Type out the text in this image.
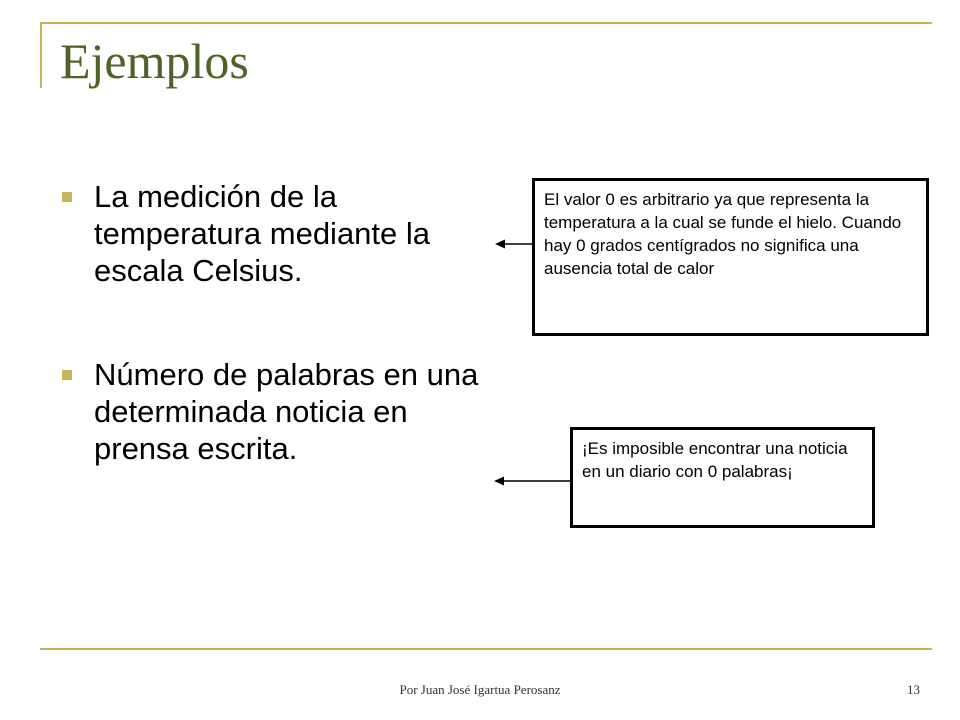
Ejemplos
La medición de la temperatura mediante la escala Celsius.
Número de palabras en una determinada noticia en prensa escrita.
El valor 0 es arbitrario ya que representa la temperatura a la cual se funde el hielo. Cuando hay 0 grados centígrados no significa una ausencia total de calor
¡Es imposible encontrar una noticia en un diario con 0 palabras¡
Por Juan José Igartua Perosanz	13
